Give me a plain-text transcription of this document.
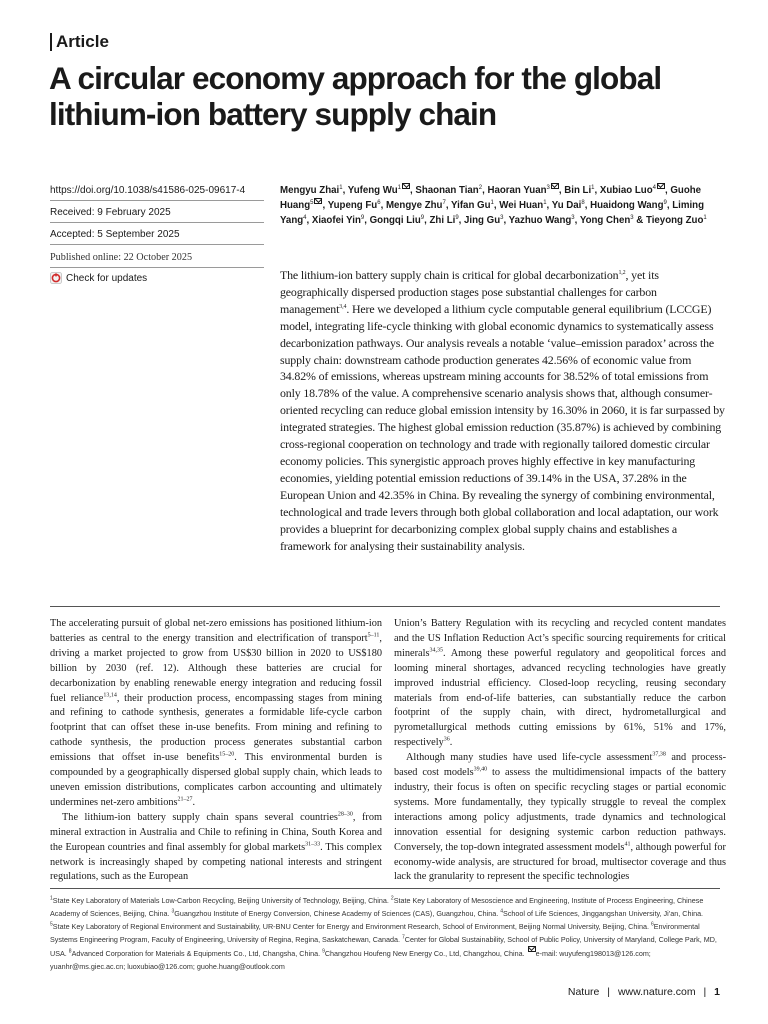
Article
A circular economy approach for the global lithium-ion battery supply chain
https://doi.org/10.1038/s41586-025-09617-4
Received: 9 February 2025
Accepted: 5 September 2025
Published online: 22 October 2025
Check for updates
Mengyu Zhai$^1$, Yufeng Wu$^1$ , Shaonan Tian$^2$, Haoran Yuan$^3$ , Bin Li$^1$, Xubiao Luo$^4$ , Guohe Huang$^5$ , Yupeng Fu$^6$, Mengye Zhu$^7$, Yifan Gu$^1$, Wei Huan$^1$, Yu Dai$^8$, Huaidong Wang$^9$, Liming Yang$^4$, Xiaofei Yin$^9$, Gongqi Liu$^9$, Zhi Li$^9$, Jing Gu$^3$, Yazhuo Wang$^3$, Yong Chen$^3$ & Tieyong Zuo$^1$
The lithium-ion battery supply chain is critical for global decarbonization$^{1,2}$, yet its geographically dispersed production stages pose substantial challenges for carbon management$^{3,4}$. Here we developed a lithium cycle computable general equilibrium (LCCGE) model, integrating life-cycle thinking with global economic dynamics to systematically assess decarbonization pathways. Our analysis reveals a notable ‘value–emission paradox’ across the supply chain: downstream cathode production generates 42.56% of economic value from 34.82% of emissions, whereas upstream mining accounts for 38.52% of total emissions from only 18.78% of the value. A comprehensive scenario analysis shows that, although consumer-oriented recycling can reduce global emission intensity by 16.30% in 2060, it is far surpassed by integrated strategies. The highest global emission reduction (35.87%) is achieved by combining cross-regional cooperation on technology and trade with regionally tailored domestic circular economy policies. This synergistic approach proves highly effective in key manufacturing economies, yielding potential emission reductions of 39.14% in the USA, 37.28% in the European Union and 42.35% in China. By revealing the synergy of combining environmental, technological and trade levers through both global collaboration and local adaptation, our work provides a blueprint for decarbonizing complex global supply chains and establishes a framework for analysing their sustainability analysis.

The accelerating pursuit of global net-zero emissions has positioned lithium-ion batteries as central to the energy transition and electrification of transport$^{5-11}$, driving a market projected to grow from US$30 billion in 2020 to US$180 billion by 2030 (ref. 12). Although these batteries are crucial for decarbonization by enabling renewable energy integration and reducing fossil fuel reliance$^{13,14}$, their production process, encompassing stages from mining and refining to cathode synthesis, generates a formidable life-cycle carbon footprint that can offset these in-use benefits. From mining and refining to cathode synthesis, the production process generates substantial carbon emissions that offset in-use benefits$^{15-20}$. This environmental burden is compounded by a geographically dispersed global supply chain, which leads to uneven emission distributions, complicates carbon accounting and ultimately undermines net-zero ambitions$^{21-27}$.

The lithium-ion battery supply chain spans several countries$^{28-30}$, from mineral extraction in Australia and Chile to refining in China, South Korea and the European countries and final assembly for global markets$^{31-33}$. This complex network is increasingly shaped by competing national interests and stringent regulations, such as the European

Union’s Battery Regulation with its recycling and recycled content mandates and the US Inflation Reduction Act’s specific sourcing requirements for critical minerals$^{34,35}$. Among these powerful regulatory and geopolitical forces and looming mineral shortages, advanced recycling technologies have greatly improved industrial efficiency. Closed-loop recycling, reusing secondary materials from end-of-life batteries, can substantially reduce the carbon footprint of the supply chain, with direct, hydrometallurgical and pyrometallurgical methods cutting emissions by 61%, 51% and 17%, respectively$^{36}$.

Although many studies have used life-cycle assessment$^{37,38}$ and process-based cost models$^{39,40}$ to assess the multidimensional impacts of the battery industry, their focus is often on specific recycling stages or partial economic systems. More fundamentally, they typically struggle to reveal the complex interactions among policy adjustments, trade dynamics and technological innovation essential for designing systemic carbon reduction pathways. Conversely, the top-down integrated assessment models$^{41}$, although powerful for economy-wide analysis, are structured for broad, multisector coverage and thus lack the granularity to represent the specific technologies

$^1$State Key Laboratory of Materials Low-Carbon Recycling, Beijing University of Technology, Beijing, China. $^2$State Key Laboratory of Mesoscience and Engineering, Institute of Process Engineering, Chinese Academy of Sciences, Beijing, China. $^3$Guangzhou Institute of Energy Conversion, Chinese Academy of Sciences (CAS), Guangzhou, China. $^4$School of Life Sciences, Jinggangshan University, Ji’an, China. $^5$State Key Laboratory of Regional Environment and Sustainability, UR-BNU Center for Energy and Environment Research, School of Environment, Beijing Normal University, Beijing, China. $^6$Environmental Systems Engineering Program, Faculty of Engineering, University of Regina, Regina, Saskatchewan, Canada. $^7$Center for Global Sustainability, School of Public Policy, University of Maryland, College Park, MD, USA. $^8$Advanced Corporation for Materials & Equipments Co., Ltd, Changsha, China. $^9$Changzhou Houfeng New Energy Co., Ltd, Changzhou, China. e-mail: wuyufeng198013@126.com; yuanhr@ms.giec.ac.cn; luoxubiao@126.com; guohe.huang@outlook.com
Nature | www.nature.com | 1
